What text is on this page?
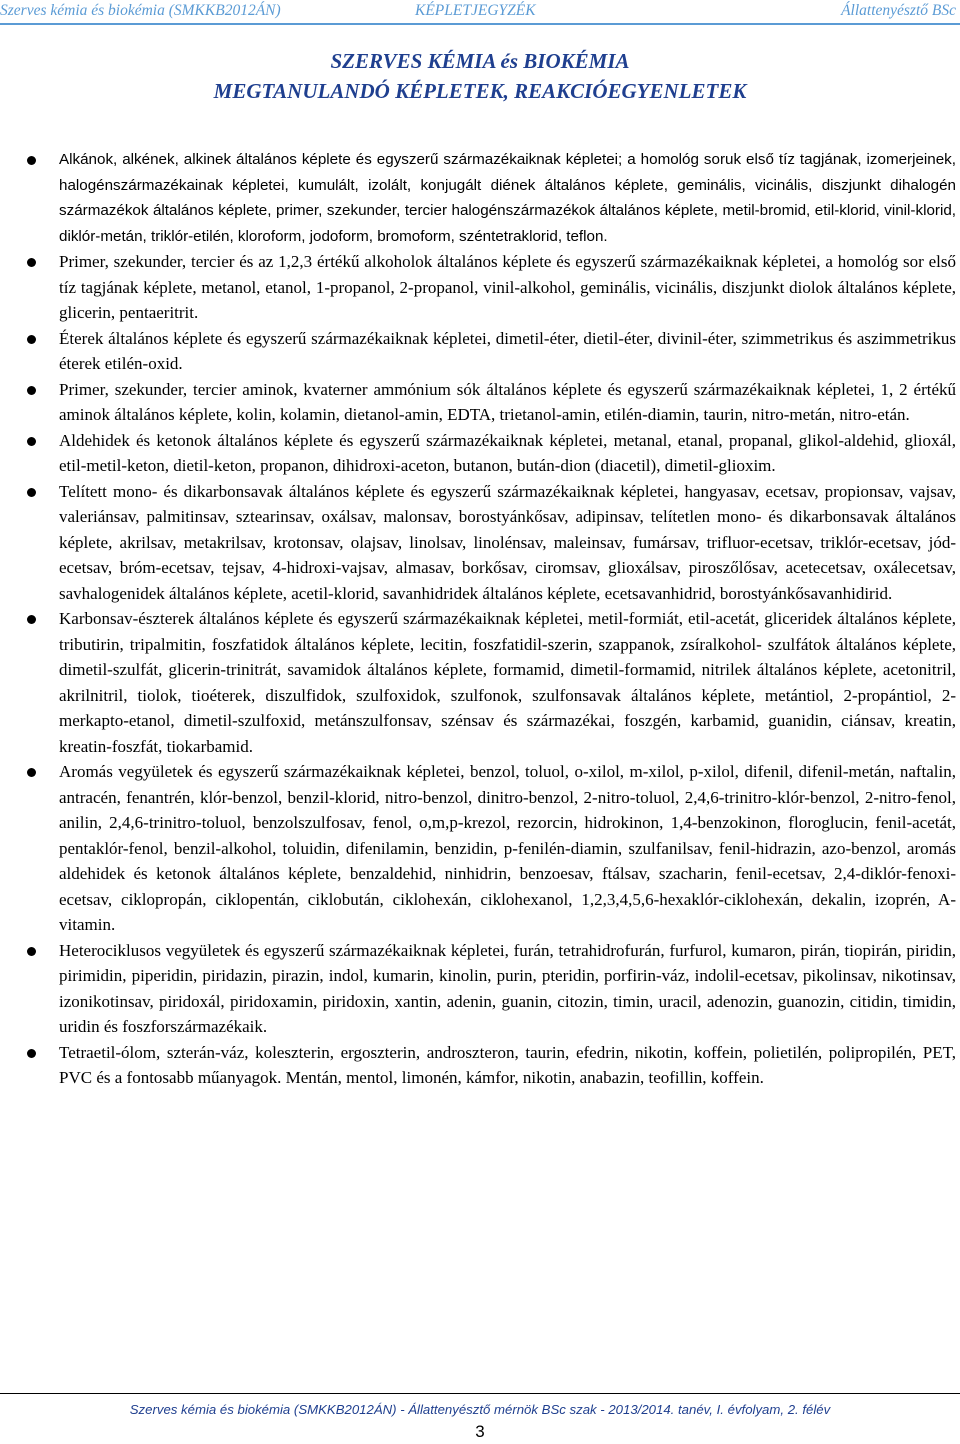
Szerves kémia és biokémia (SMKKB2012ÁN)	KÉPLETJEGYZÉK	Állattenyésztő BSc
SZERVES KÉMIA és BIOKÉMIA
MEGTANULANDÓ KÉPLETEK, REAKCIÓEGYENLETEK
Alkánok, alkének, alkinek általános képlete és egyszerű származékaiknak képletei; a homológ soruk első tíz tagjának, izomerjeinek, halogénszármazékainak képletei, kumulált, izolált, konjugált diének általános képlete, geminális, vicinális, diszjunkt dihalogén származékok általános képlete, primer, szekunder, tercier halogénszármazékok általános képlete, metil-bromid, etil-klorid, vinil-klorid, diklór-metán, triklór-etilén, kloroform, jodoform, bromoform, széntetraklorid, teflon.
Primer, szekunder, tercier és az 1,2,3 értékű alkoholok általános képlete és egyszerű származékaiknak képletei, a homológ sor első tíz tagjának képlete, metanol, etanol, 1-propanol, 2-propanol, vinil-alkohol, geminális, vicinális, diszjunkt diolok általános képlete, glicerin, pentaeritrit.
Éterek általános képlete és egyszerű származékaiknak képletei, dimetil-éter, dietil-éter, divinil-éter, szimmetrikus és aszimmetrikus éterek etilén-oxid.
Primer, szekunder, tercier aminok, kvaterner ammónium sók általános képlete és egyszerű származékaiknak képletei, 1, 2 értékű aminok általános képlete, kolin, kolamin, dietanol-amin, EDTA, trietanol-amin, etilén-diamin, taurin, nitro-metán, nitro-etán.
Aldehidek és ketonok általános képlete és egyszerű származékaiknak képletei, metanal, etanal, propanal, glikol-aldehid, glioxál, etil-metil-keton, dietil-keton, propanon, dihidroxi-aceton, butanon, bután-dion (diacetil), dimetil-glioxim.
Telített mono- és dikarbonsavak általános képlete és egyszerű származékaiknak képletei, hangyasav, ecetsav, propionsav, vajsav, valeriánsav, palmitinsav, sztearinsav, oxálsav, malonsav, borostyánkősav, adipinsav, telítetlen mono- és dikarbonsavak általános képlete, akrilsav, metakrilsav, krotonsav, olajsav, linolsav, linolénsav, maleinsav, fumársav, trifluor-ecetsav, triklór-ecetsav, jód-ecetsav, bróm-ecetsav, tejsav, 4-hidroxi-vajsav, almasav, borkősav, ciromsav, glioxálsav, piroszőlősav, acetecetsav, oxálecetsav, savhalogenidek általános képlete, acetil-klorid, savanhidridek általános képlete, ecetsavanhidrid, borostyánkősavanhidirid.
Karbonsav-észterek általános képlete és egyszerű származékaiknak képletei, metil-formiát, etil-acetát, gliceridek általános képlete, tributirin, tripalmitin, foszfatidok általános képlete, lecitin, foszfatidil-szerin, szappanok, zsíralkohol- szulfátok általános képlete, dimetil-szulfát, glicerin-trinitrát, savamidok általános képlete, formamid, dimetil-formamid, nitrilek általános képlete, acetonitril, akrilnitril, tiolok, tioéterek, diszulfidok, szulfoxidok, szulfonok, szulfonsavak általános képlete, metántiol, 2-propántiol, 2-merkapto-etanol, dimetil-szulfoxid, metánszulfonsav, szénsav és származékai, foszgén, karbamid, guanidin, ciánsav, kreatin, kreatin-foszfát, tiokarbamid.
Aromás vegyületek és egyszerű származékaiknak képletei, benzol, toluol, o-xilol, m-xilol, p-xilol, difenil, difenil-metán, naftalin, antracén, fenantrén, klór-benzol, benzil-klorid, nitro-benzol, dinitro-benzol, 2-nitro-toluol, 2,4,6-trinitro-klór-benzol, 2-nitro-fenol, anilin, 2,4,6-trinitro-toluol, benzolszulfosav, fenol, o,m,p-krezol, rezorcin, hidrokinon, 1,4-benzokinon, floroglucin, fenil-acetát, pentaklór-fenol, benzil-alkohol, toluidin, difenilamin, benzidin, p-fenilén-diamin, szulfanilsav, fenil-hidrazin, azo-benzol, aromás aldehidek és ketonok általános képlete, benzaldehid, ninhidrin, benzoesav, ftálsav, szacharin, fenil-ecetsav, 2,4-diklór-fenoxi-ecetsav, ciklopropán, ciklopentán, ciklobután, ciklohexán, ciklohexanol, 1,2,3,4,5,6-hexaklór-ciklohexán, dekalin, izoprén, A-vitamin.
Heterociklusos vegyületek és egyszerű származékaiknak képletei, furán, tetrahidrofurán, furfurol, kumaron, pirán, tiopirán, piridin, pirimidin, piperidin, piridazin, pirazin, indol, kumarin, kinolin, purin, pteridin, porfirin-váz, indolil-ecetsav, pikolinsav, nikotinsav, izonikotinsav, piridoxál, piridoxamin, piridoxin, xantin, adenin, guanin, citozin, timin, uracil, adenozin, guanozin, citidin, timidin, uridin és foszforszármazékaik.
Tetraetil-ólom, szterán-váz, koleszterin, ergoszterin, androszteron, taurin, efedrin, nikotin, koffein, polietilén, polipropilén, PET, PVC és a fontosabb műanyagok. Mentán, mentol, limonén, kámfor, nikotin, anabazin, teofillin, koffein.
Szerves kémia és biokémia (SMKKB2012ÁN) - Állattenyésztő mérnök BSc szak - 2013/2014. tanév, I. évfolyam, 2. félév
3
